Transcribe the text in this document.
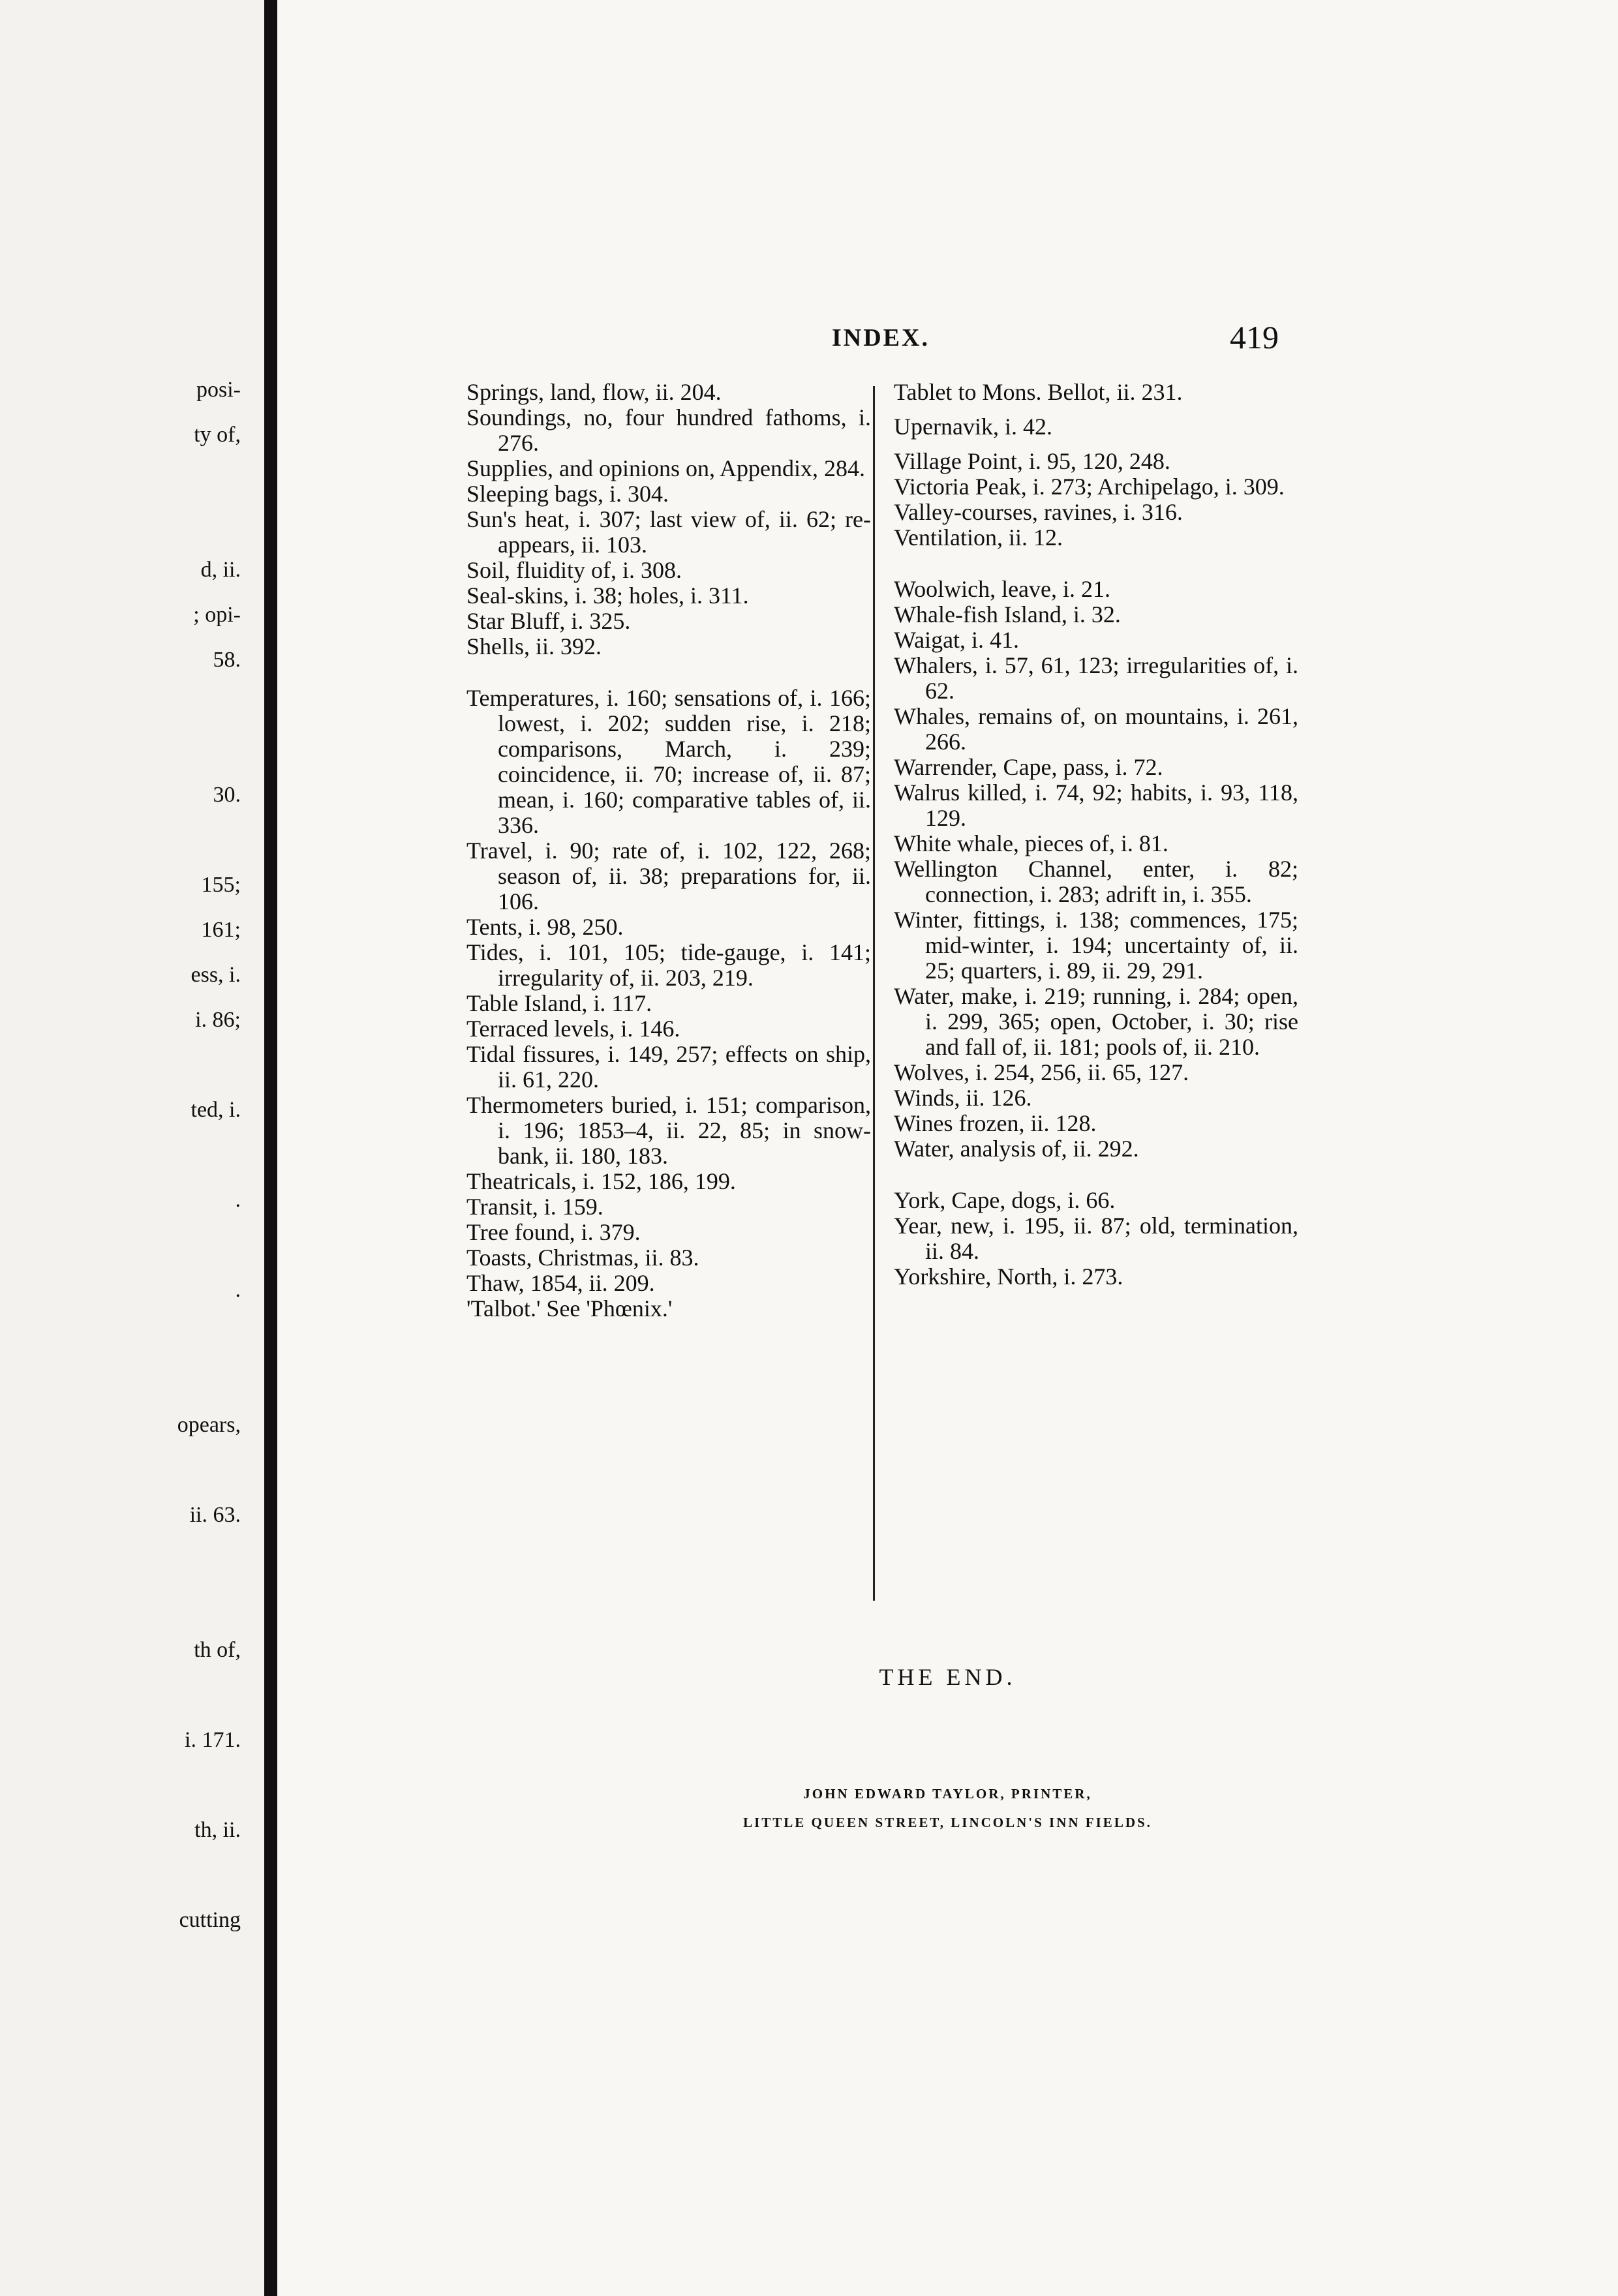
posi-
ty of,
d, ii.
; opi-
58.
30.
155;
161;
ess, i.
i. 86;
ted, i.
.
.
opears,
ii. 63.
th of,
i. 171.
th, ii.
cutting
INDEX.	419
Springs, land, flow, ii. 204.
Soundings, no, four hundred fathoms, i. 276.
Supplies, and opinions on, Appendix, 284.
Sleeping bags, i. 304.
Sun's heat, i. 307; last view of, ii. 62; re-appears, ii. 103.
Soil, fluidity of, i. 308.
Seal-skins, i. 38; holes, i. 311.
Star Bluff, i. 325.
Shells, ii. 392.
Temperatures, i. 160; sensations of, i. 166; lowest, i. 202; sudden rise, i. 218; comparisons, March, i. 239; coincidence, ii. 70; increase of, ii. 87; mean, i. 160; comparative tables of, ii. 336.
Travel, i. 90; rate of, i. 102, 122, 268; season of, ii. 38; preparations for, ii. 106.
Tents, i. 98, 250.
Tides, i. 101, 105; tide-gauge, i. 141; irregularity of, ii. 203, 219.
Table Island, i. 117.
Terraced levels, i. 146.
Tidal fissures, i. 149, 257; effects on ship, ii. 61, 220.
Thermometers buried, i. 151; comparison, i. 196; 1853–4, ii. 22, 85; in snow-bank, ii. 180, 183.
Theatricals, i. 152, 186, 199.
Transit, i. 159.
Tree found, i. 379.
Toasts, Christmas, ii. 83.
Thaw, 1854, ii. 209.
'Talbot.' See 'Phœnix.'
Tablet to Mons. Bellot, ii. 231.
Upernavik, i. 42.
Village Point, i. 95, 120, 248.
Victoria Peak, i. 273; Archipelago, i. 309.
Valley-courses, ravines, i. 316.
Ventilation, ii. 12.
Woolwich, leave, i. 21.
Whale-fish Island, i. 32.
Waigat, i. 41.
Whalers, i. 57, 61, 123; irregularities of, i. 62.
Whales, remains of, on mountains, i. 261, 266.
Warrender, Cape, pass, i. 72.
Walrus killed, i. 74, 92; habits, i. 93, 118, 129.
White whale, pieces of, i. 81.
Wellington Channel, enter, i. 82; connection, i. 283; adrift in, i. 355.
Winter, fittings, i. 138; commences, 175; mid-winter, i. 194; uncertainty of, ii. 25; quarters, i. 89, ii. 29, 291.
Water, make, i. 219; running, i. 284; open, i. 299, 365; open, October, i. 30; rise and fall of, ii. 181; pools of, ii. 210.
Wolves, i. 254, 256, ii. 65, 127.
Winds, ii. 126.
Wines frozen, ii. 128.
Water, analysis of, ii. 292.
York, Cape, dogs, i. 66.
Year, new, i. 195, ii. 87; old, termination, ii. 84.
Yorkshire, North, i. 273.
THE END.
JOHN EDWARD TAYLOR, PRINTER,
LITTLE QUEEN STREET, LINCOLN'S INN FIELDS.
